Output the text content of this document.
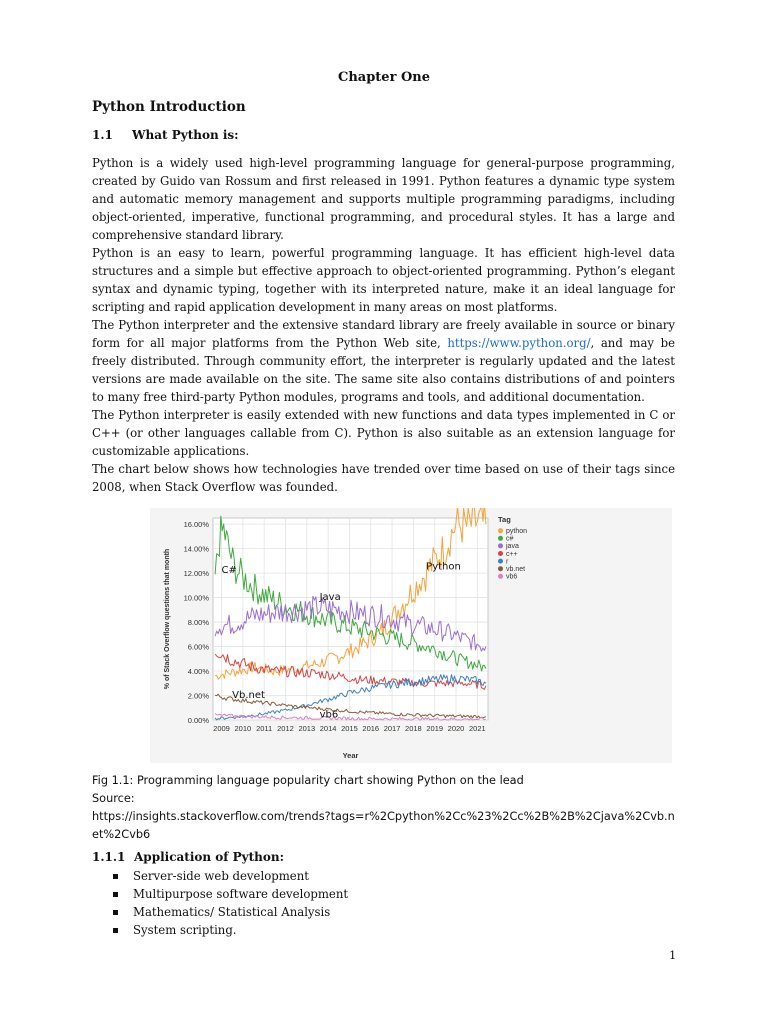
Chapter One
Python Introduction
1.1 What Python is:

Python is a widely used high-level programming language for general-purpose programming, created by Guido van Rossum and first released in 1991. Python features a dynamic type system and automatic memory management and supports multiple programming paradigms, including object-oriented, imperative, functional programming, and procedural styles. It has a large and comprehensive standard library.

Python is an easy to learn, powerful programming language. It has efficient high-level data structures and a simple but effective approach to object-oriented programming. Python’s elegant syntax and dynamic typing, together with its interpreted nature, make it an ideal language for scripting and rapid application development in many areas on most platforms.

The Python interpreter and the extensive standard library are freely available in source or binary form for all major platforms from the Python Web site, https://www.python.org/, and may be freely distributed. Through community effort, the interpreter is regularly updated and the latest versions are made available on the site. The same site also contains distributions of and pointers to many free third-party Python modules, programs and tools, and additional documentation.

The Python interpreter is easily extended with new functions and data types implemented in C or C++ (or other languages callable from C). Python is also suitable as an extension language for customizable applications.

The chart below shows how technologies have trended over time based on use of their tags since 2008, when Stack Overflow was founded.

0.00%
2.00%
4.00%
6.00%
8.00%
10.00%
12.00%
14.00%
16.00%
2009 2010 2011 2012 2013 2014 2015 2016 2017 2018 2019 2020 2021
Year
% of Stack Overflow questions that month	C#	Python
Java
Vb.net
vb6
Tag
python
c#
java
c++
r
vb.net
vb6
Fig 1.1: Programming language popularity chart showing Python on the lead
Source:
https://insights.stackoverflow.com/trends?tags=r%2Cpython%2Cc%23%2Cc%2B%2B%2Cjava%2Cvb.n
et%2Cvb6
1.1.1 Application of Python:
Server-side web development
Multipurpose software development
Mathematics/ Statistical Analysis
System scripting.
1
